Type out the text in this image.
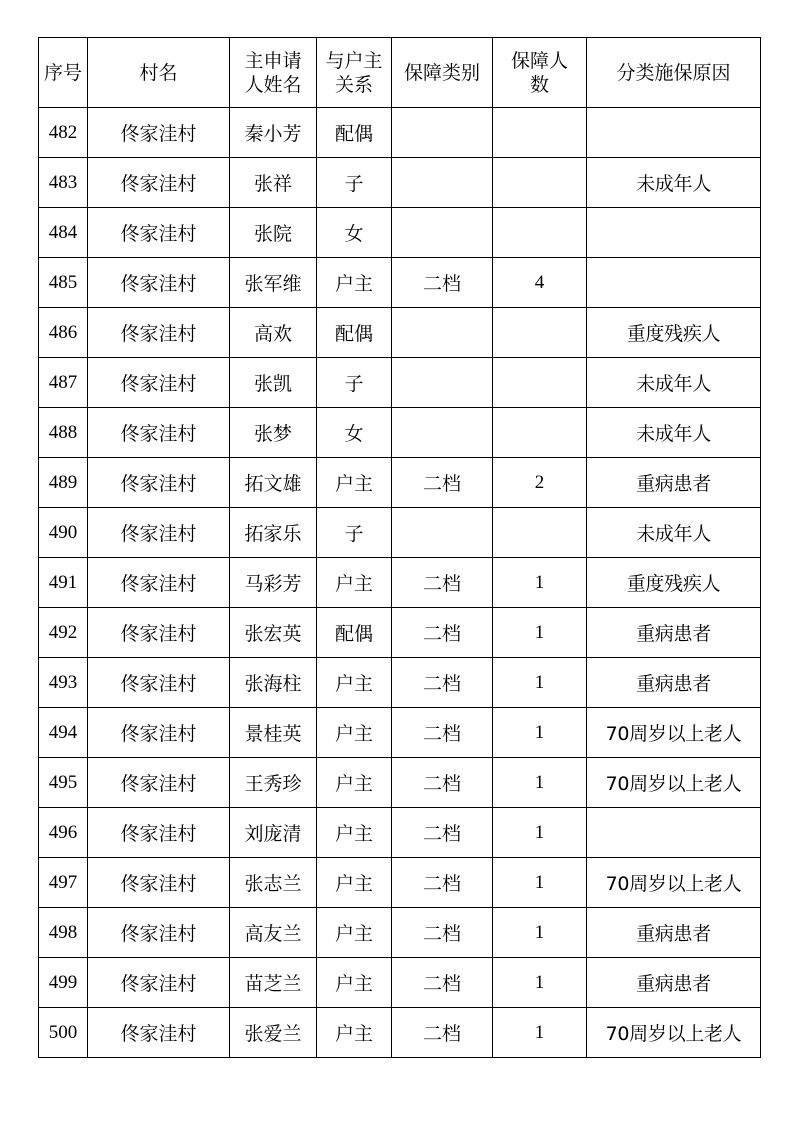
序号	村名	主申请人姓名	与户主关系	保障类别	保障人数	分类施保原因
482	佟家洼村	秦小芳	配偶			
483	佟家洼村	张祥	子			未成年人
484	佟家洼村	张院	女			
485	佟家洼村	张军维	户主	二档	4	
486	佟家洼村	高欢	配偶			重度残疾人
487	佟家洼村	张凯	子			未成年人
488	佟家洼村	张梦	女			未成年人
489	佟家洼村	拓文雄	户主	二档	2	重病患者
490	佟家洼村	拓家乐	子			未成年人
491	佟家洼村	马彩芳	户主	二档	1	重度残疾人
492	佟家洼村	张宏英	配偶	二档	1	重病患者
493	佟家洼村	张海柱	户主	二档	1	重病患者
494	佟家洼村	景桂英	户主	二档	1	70周岁以上老人
495	佟家洼村	王秀珍	户主	二档	1	70周岁以上老人
496	佟家洼村	刘庞清	户主	二档	1	
497	佟家洼村	张志兰	户主	二档	1	70周岁以上老人
498	佟家洼村	高友兰	户主	二档	1	重病患者
499	佟家洼村	苗芝兰	户主	二档	1	重病患者
500	佟家洼村	张爱兰	户主	二档	1	70周岁以上老人
